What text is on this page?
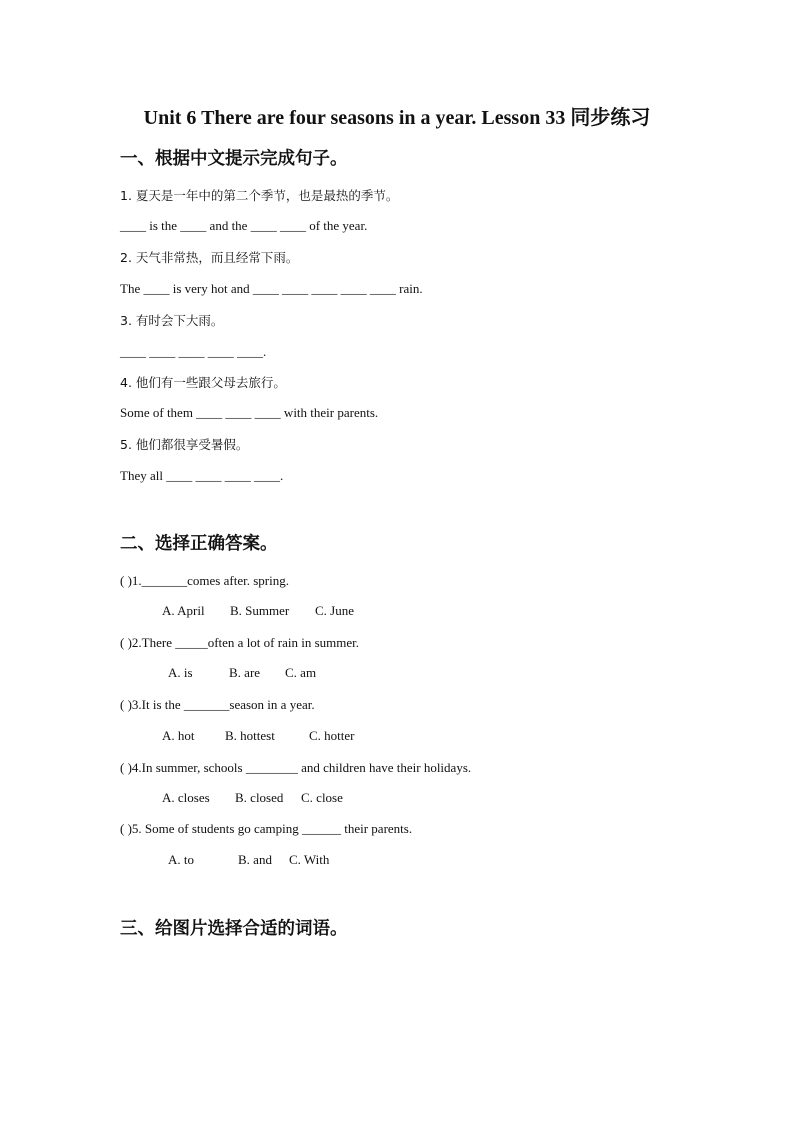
Unit 6 There are four seasons in a year. Lesson 33 同步练习
一、根据中文提示完成句子。
1. 夏天是一年中的第二个季节，也是最热的季节。
____ is the ____ and the ____ ____ of the year.
2. 天气非常热，而且经常下雨。
The ____ is very hot and ____ ____ ____ ____ ____ rain.
3. 有时会下大雨。
____ ____ ____ ____ ____.
4. 他们有一些跟父母去旅行。
Some of them ____ ____ ____ with their parents.
5. 他们都很享受暑假。
They all ____ ____ ____ ____.
二、选择正确答案。
( )1._______comes after. spring.
A. April B. Summer C. June
( )2.There _____often a lot of rain in summer.
A. is	B. are C. am
( )3.It is the _______season in a year.
A. hot B. hottest	C. hotter
( )4.In summer, schools ________ and children have their holidays.
A. closes B. closed C. close
( )5. Some of students go camping ______ their parents.
A. to	B. and C. With
三、给图片选择合适的词语。
